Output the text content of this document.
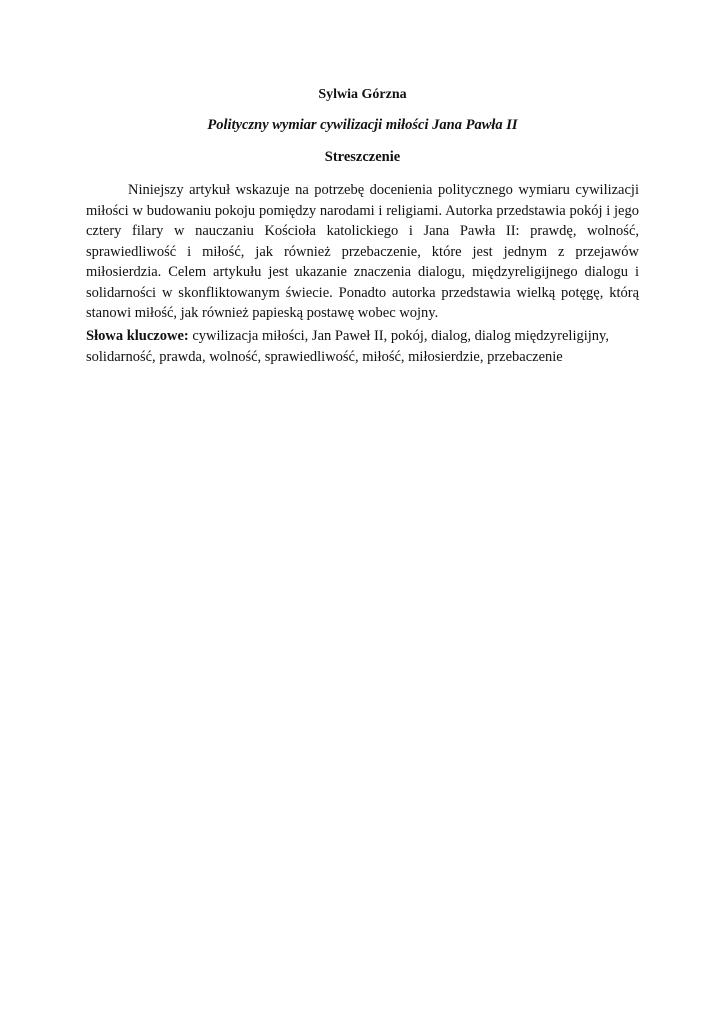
Sylwia Górzna
Polityczny wymiar cywilizacji miłości Jana Pawła II
Streszczenie

Niniejszy artykuł wskazuje na potrzebę docenienia politycznego wymiaru cywilizacji miłości w budowaniu pokoju pomiędzy narodami i religiami. Autorka przedstawia pokój i jego cztery filary w nauczaniu Kościoła katolickiego i Jana Pawła II: prawdę, wolność, sprawiedliwość i miłość, jak również przebaczenie, które jest jednym z przejawów miłosierdzia. Celem artykułu jest ukazanie znaczenia dialogu, międzyreligijnego dialogu i solidarności w skonfliktowanym świecie. Ponadto autorka przedstawia wielką potęgę, którą stanowi miłość, jak również papieską postawę wobec wojny.

Słowa kluczowe: cywilizacja miłości, Jan Paweł II, pokój, dialog, dialog międzyreligijny, solidarność, prawda, wolność, sprawiedliwość, miłość, miłosierdzie, przebaczenie
